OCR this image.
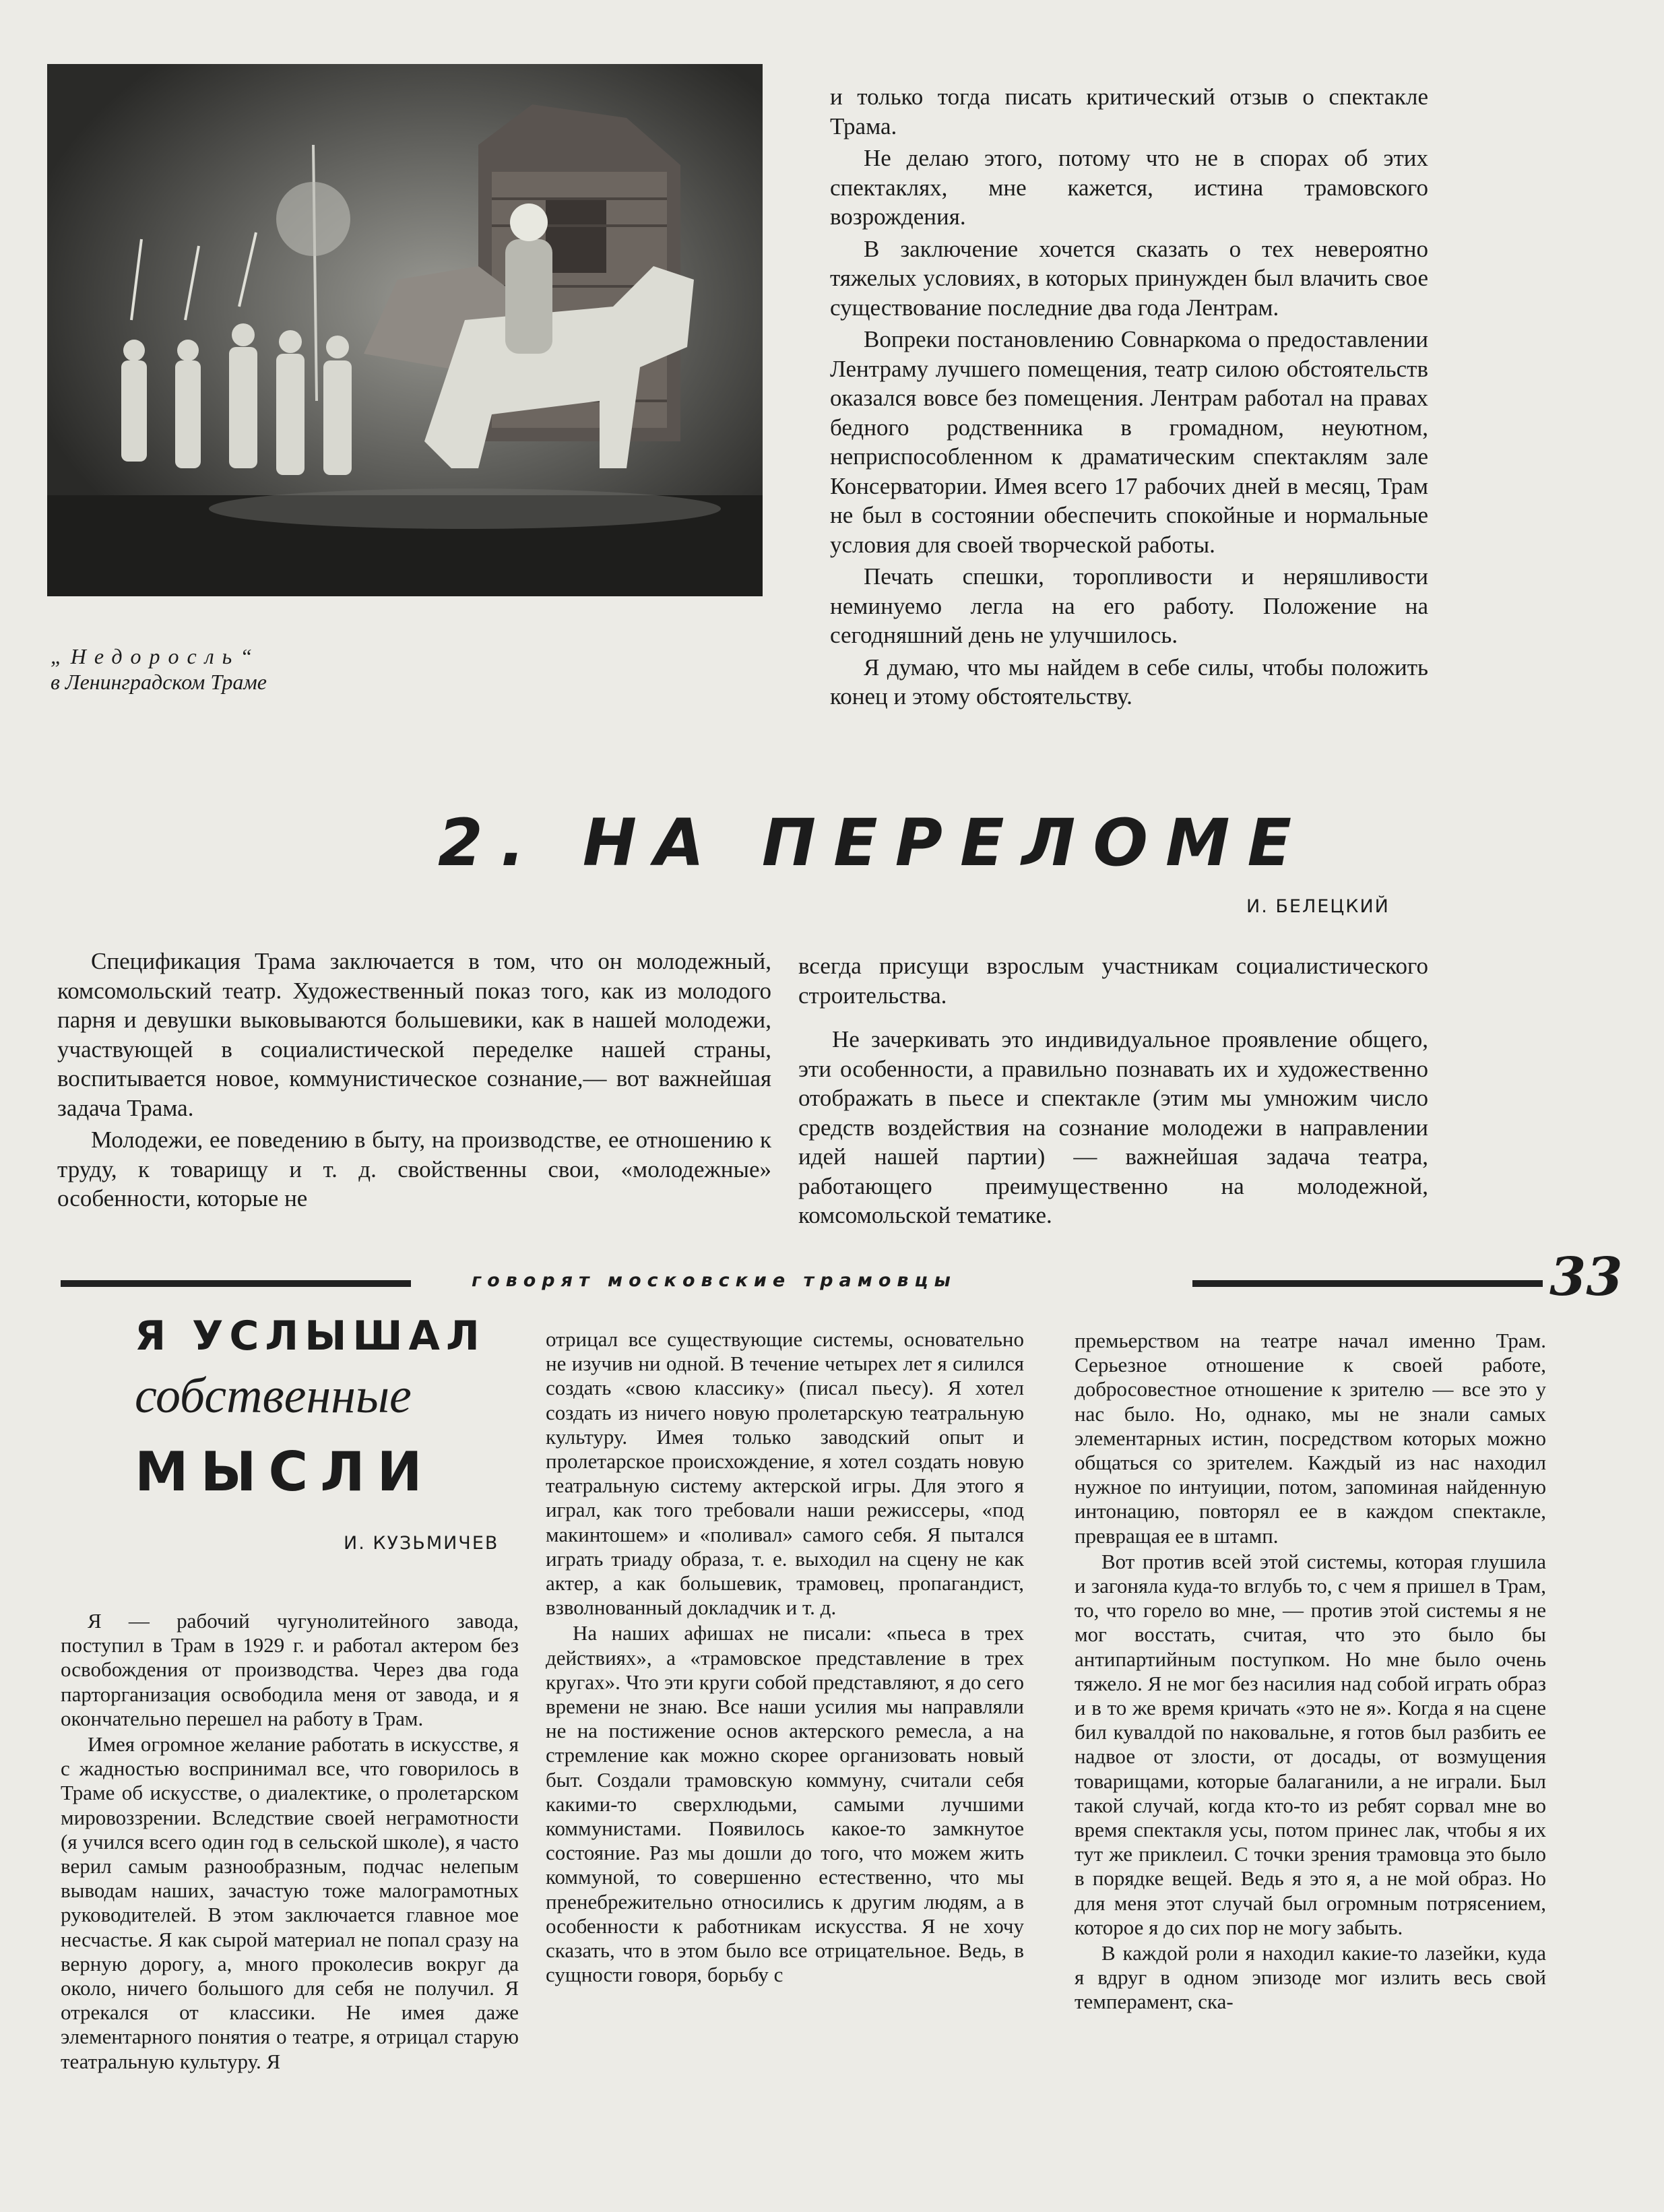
„Недоросль“
в Ленинградском Траме

и только тогда писать критический отзыв о спектакле Трама.

Не делаю этого, потому что не в спорах об этих спектаклях, мне кажется, истина трамовского возрождения.

В заключение хочется сказать о тех невероятно тяжелых условиях, в которых принужден был влачить свое существование последние два года Лентрам.

Вопреки постановлению Совнаркома о предоставлении Лентраму лучшего помещения, театр силою обстоятельств оказался вовсе без помещения. Лентрам работал на правах бедного родственника в громадном, неуютном, неприспособленном к драматическим спектаклям зале Консерватории. Имея всего 17 рабочих дней в месяц, Трам не был в состоянии обеспечить спокойные и нормальные условия для своей творческой работы.

Печать спешки, торопливости и неряшливости неминуемо легла на его работу. Положение на сегодняшний день не улучшилось.

Я думаю, что мы найдем в себе силы, чтобы положить конец и этому обстоятельству.

2. НА ПЕРЕЛОМЕ
И. БЕЛЕЦКИЙ

Спецификация Трама заключается в том, что он молодежный, комсомольский театр. Художественный показ того, как из молодого парня и девушки выковываются большевики, как в нашей молодежи, участвующей в социалистической переделке нашей страны, воспитывается новое, коммунистическое сознание,— вот важнейшая задача Трама.

Молодежи, ее поведению в быту, на производстве, ее отношению к труду, к товарищу и т. д. свойственны свои, «молодежные» особенности, которые не

всегда присущи взрослым участникам социалистического строительства.

Не зачеркивать это индивидуальное проявление общего, эти особенности, а правильно познавать их и художественно отображать в пьесе и спектакле (этим мы умножим число средств воздействия на сознание молодежи в направлении идей нашей партии) — важнейшая задача театра, работающего преимущественно на молодежной, комсомольской тематике.

говорят московские трамовцы	33
Я УСЛЫШАЛ
собственные
МЫСЛИ
И. КУЗЬМИЧЕВ

Я — рабочий чугунолитейного завода, поступил в Трам в 1929 г. и работал актером без освобождения от производства. Через два года парторганизация освободила меня от завода, и я окончательно перешел на работу в Трам.

Имея огромное желание работать в искусстве, я с жадностью воспринимал все, что говорилось в Траме об искусстве, о диалектике, о пролетарском мировоззрении. Вследствие своей неграмотности (я учился всего один год в сельской школе), я часто верил самым разнообразным, подчас нелепым выводам наших, зачастую тоже малограмотных руководителей. В этом заключается главное мое несчастье. Я как сырой материал не попал сразу на верную дорогу, а, много проколесив вокруг да около, ничего большого для себя не получил. Я отрекался от классики. Не имея даже элементарного понятия о театре, я отрицал старую театральную культуру. Я

отрицал все существующие системы, основательно не изучив ни одной. В течение четырех лет я силился создать «свою классику» (писал пьесу). Я хотел создать из ничего новую пролетарскую театральную культуру. Имея только заводский опыт и пролетарское происхождение, я хотел создать новую театральную систему актерской игры. Для этого я играл, как того требовали наши режиссеры, «под макинтошем» и «поливал» самого себя. Я пытался играть триаду образа, т. е. выходил на сцену не как актер, а как большевик, трамовец, пропагандист, взволнованный докладчик и т. д.

На наших афишах не писали: «пьеса в трех действиях», а «трамовское представление в трех кругах». Что эти круги собой представляют, я до сего времени не знаю. Все наши усилия мы направляли не на постижение основ актерского ремесла, а на стремление как можно скорее организовать новый быт. Создали трамовскую коммуну, считали себя какими-то сверхлюдьми, самыми лучшими коммунистами. Появилось какое-то замкнутое состояние. Раз мы дошли до того, что можем жить коммуной, то совершенно естественно, что мы пренебрежительно относились к другим людям, а в особенности к работникам искусства. Я не хочу сказать, что в этом было все отрицательное. Ведь, в сущности говоря, борьбу с

премьерством на театре начал именно Трам. Серьезное отношение к своей работе, добросовестное отношение к зрителю — все это у нас было. Но, однако, мы не знали самых элементарных истин, посредством которых можно общаться со зрителем. Каждый из нас находил нужное по интуиции, потом, запоминая найденную интонацию, повторял ее в каждом спектакле, превращая ее в штамп.

Вот против всей этой системы, которая глушила и загоняла куда-то вглубь то, с чем я пришел в Трам, то, что горело во мне, — против этой системы я не мог восстать, считая, что это было бы антипартийным поступком. Но мне было очень тяжело. Я не мог без насилия над собой играть образ и в то же время кричать «это не я». Когда я на сцене бил кувалдой по наковальне, я готов был разбить ее надвое от злости, от досады, от возмущения товарищами, которые балаганили, а не играли. Был такой случай, когда кто-то из ребят сорвал мне во время спектакля усы, потом принес лак, чтобы я их тут же приклеил. С точки зрения трамовца это было в порядке вещей. Ведь я это я, а не мой образ. Но для меня этот случай был огромным потрясением, которое я до сих пор не могу забыть.

В каждой роли я находил какие-то лазейки, куда я вдруг в одном эпизоде мог излить весь свой темперамент, ска-
